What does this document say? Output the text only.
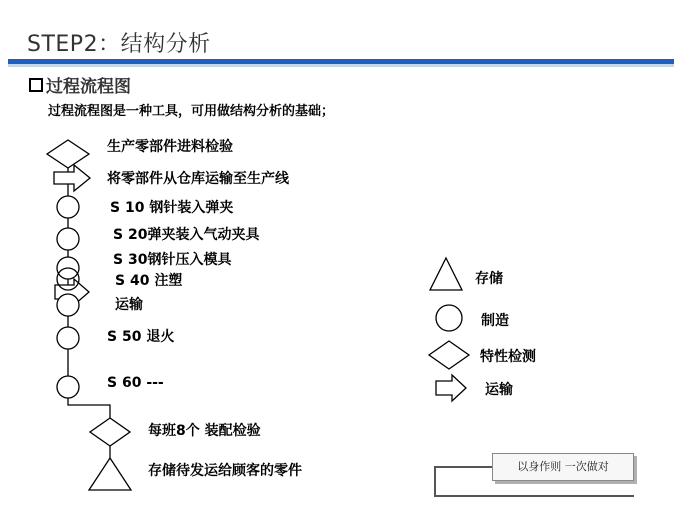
STEP2：结构分析
过程流程图
过程流程图是一种工具，可用做结构分析的基础；
生产零部件进料检验
将零部件从仓库运输至生产线
S 10 钢针装入弹夹
S 20弹夹装入气动夹具
S 30钢针压入模具
S 40 注塑
运输
S 50 退火
S 60 ---
每班8个 装配检验
存储待发运给顾客的零件
存储
制造
特性检测
运输
以身作则 一次做对
